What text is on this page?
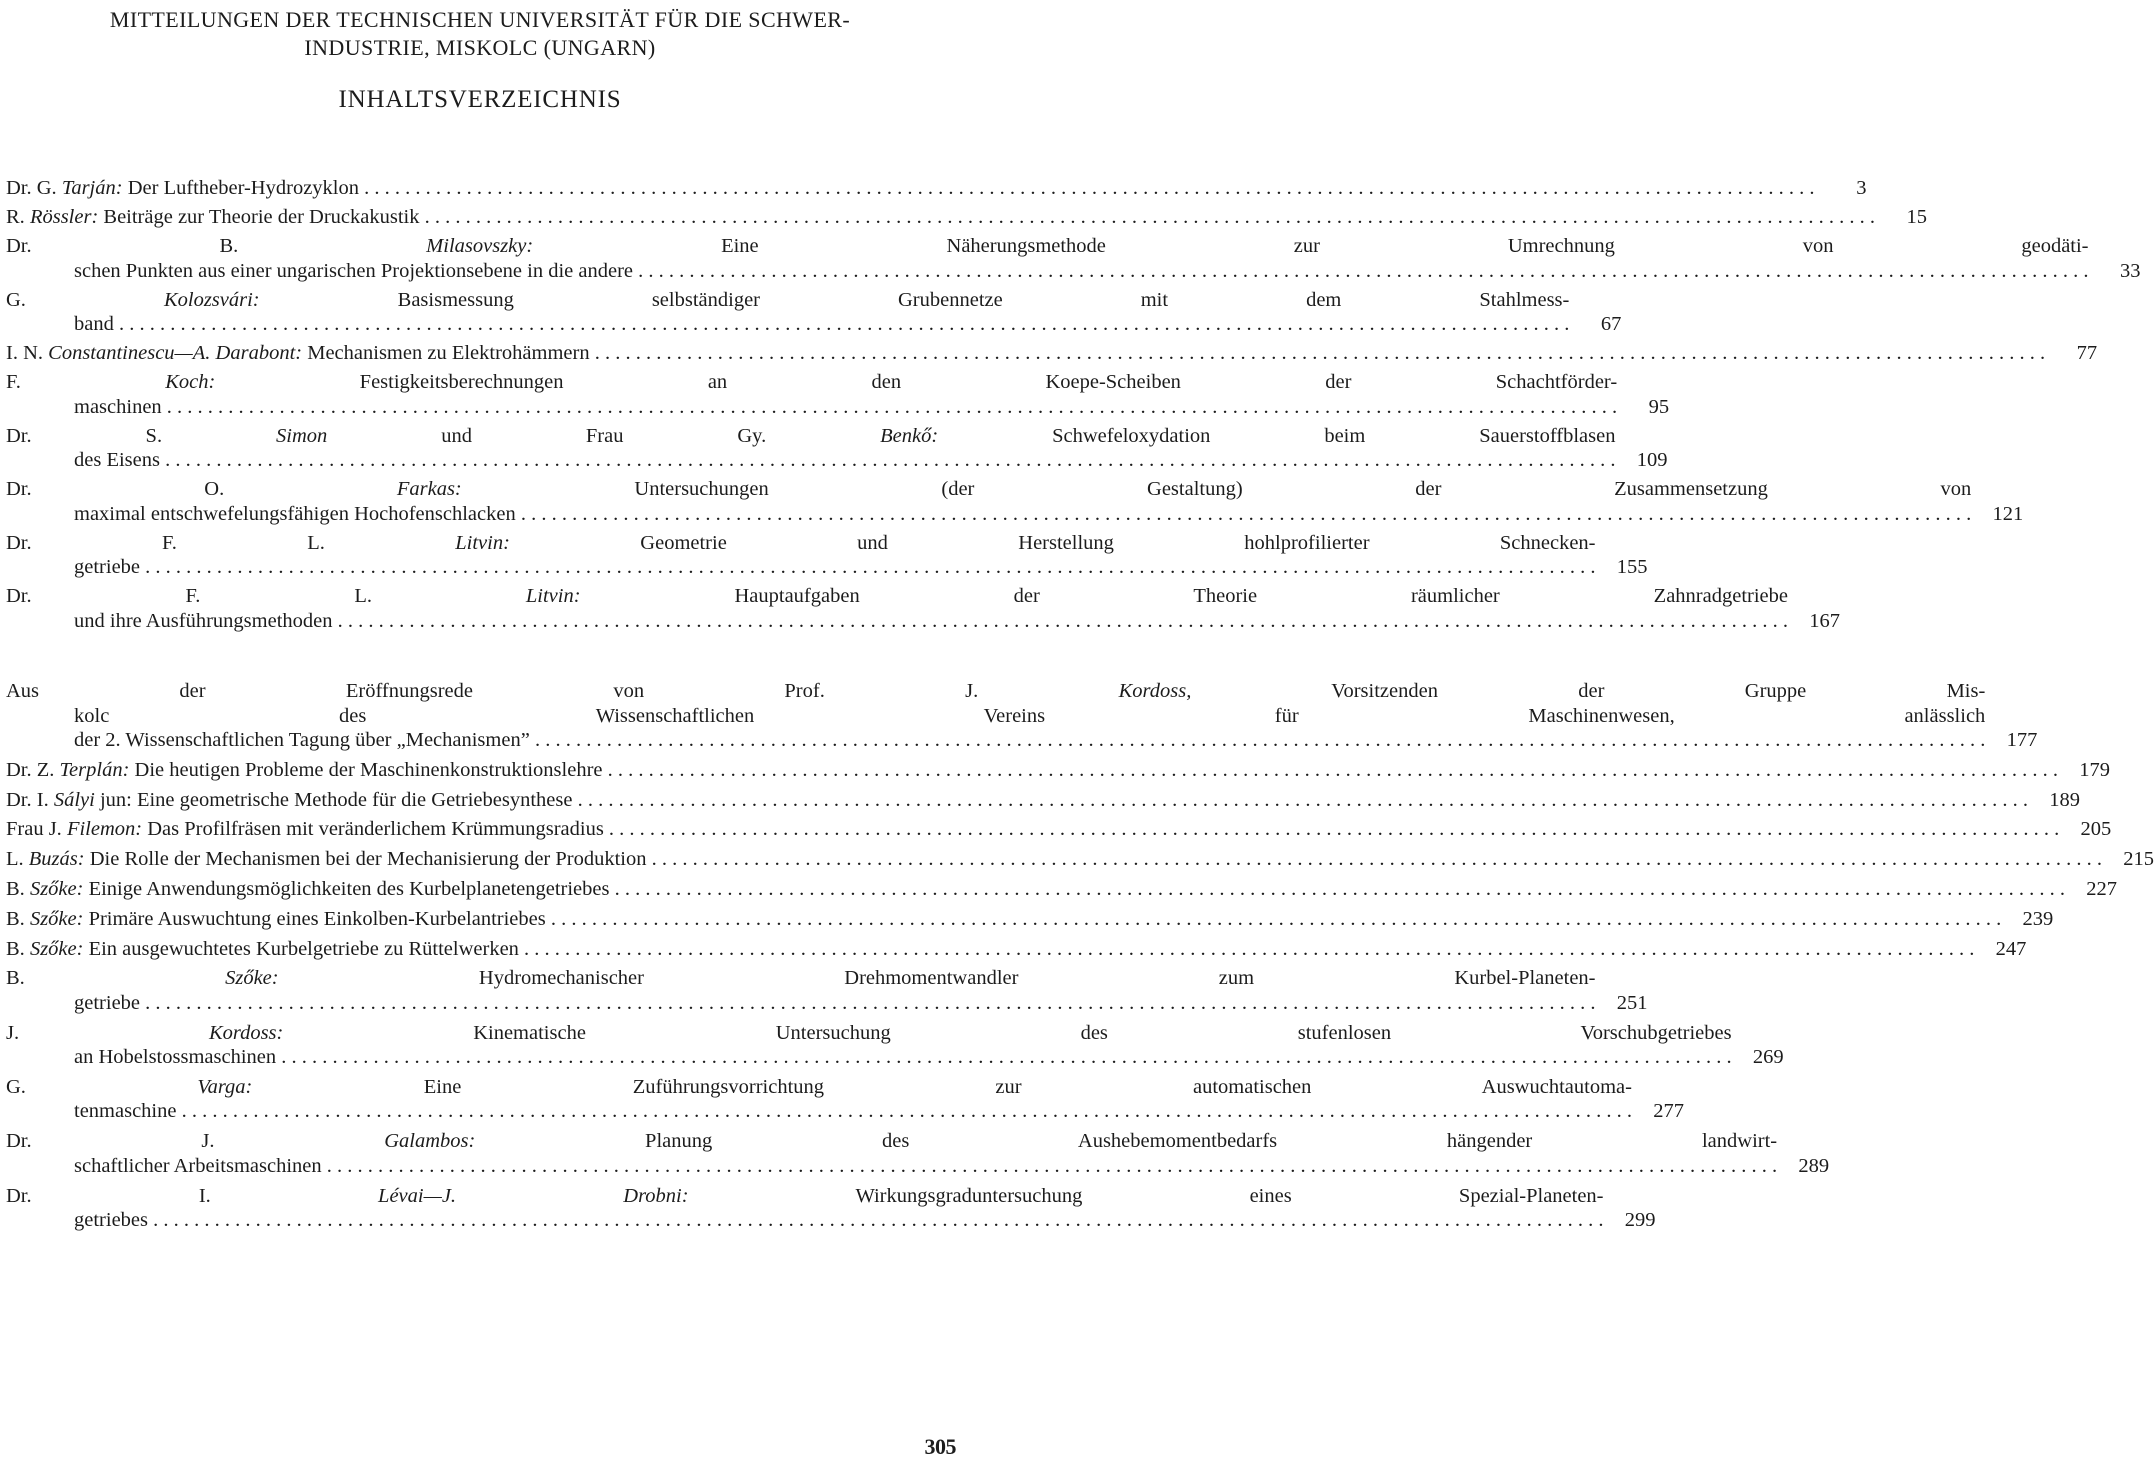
MITTEILUNGEN DER TECHNISCHEN UNIVERSITÄT FÜR DIE SCHWER-
INDUSTRIE, MISKOLC (UNGARN)
INHALTSVERZEICHNIS
Dr. G. Tarján: Der Luftheber-Hydrozyklon . . .	3
R. Rössler: Beiträge zur Theorie der Druckakustik . . .	15
Dr. B. Milasovszky: Eine Näherungsmethode zur Umrechnung von geodäti-
schen Punkten aus einer ungarischen Projektionsebene in die andere . . .	33
G. Kolozsvári: Basismessung selbständiger Grubennetze mit dem Stahlmess-
band . . .	67
I. N. Constantinescu—A. Darabont: Mechanismen zu Elektrohämmern . . .	77
F. Koch: Festigkeitsberechnungen an den Koepe-Scheiben der Schachtförder-
maschinen . . .	95
Dr. S. Simon und Frau Gy. Benkő: Schwefeloxydation beim Sauerstoffblasen
des Eisens . . .	109
Dr. O. Farkas: Untersuchungen (der Gestaltung) der Zusammensetzung von
maximal entschwefelungsfähigen Hochofenschlacken . . .	121
Dr. F. L. Litvin: Geometrie und Herstellung hohlprofilierter Schnecken-
getriebe . . .	155
Dr. F. L. Litvin: Hauptaufgaben der Theorie räumlicher Zahnradgetriebe
und ihre Ausführungsmethoden . . .	167
Aus der Eröffnungsrede von Prof. J. Kordoss, Vorsitzenden der Gruppe Mis-
kolc des Wissenschaftlichen Vereins für Maschinenwesen, anlässlich
der 2. Wissenschaftlichen Tagung über „Mechanismen” . . .	177
Dr. Z. Terplán: Die heutigen Probleme der Maschinenkonstruktionslehre . . .	179
Dr. I. Sályi jun: Eine geometrische Methode für die Getriebesynthese . . .	189
Frau J. Filemon: Das Profilfräsen mit veränderlichem Krümmungsradius . . .	205
L. Buzás: Die Rolle der Mechanismen bei der Mechanisierung der Produktion . . .	215
B. Szőke: Einige Anwendungsmöglichkeiten des Kurbelplanetengetriebes . . .	227
B. Szőke: Primäre Auswuchtung eines Einkolben-Kurbelantriebes . . .	239
B. Szőke: Ein ausgewuchtetes Kurbelgetriebe zu Rüttelwerken . . .	247
B. Szőke: Hydromechanischer Drehmomentwandler zum Kurbel-Planeten-
getriebe . . .	251
J. Kordoss: Kinematische Untersuchung des stufenlosen Vorschubgetriebes
an Hobelstossmaschinen . . .	269
G. Varga: Eine Zuführungsvorrichtung zur automatischen Auswuchtautoma-
tenmaschine . . .	277
Dr. J. Galambos: Planung des Aushebemomentbedarfs hängender landwirt-
schaftlicher Arbeitsmaschinen . . .	289
Dr. I. Lévai—J. Drobni: Wirkungsgraduntersuchung eines Spezial-Planeten-
getriebes . . .	299
305
